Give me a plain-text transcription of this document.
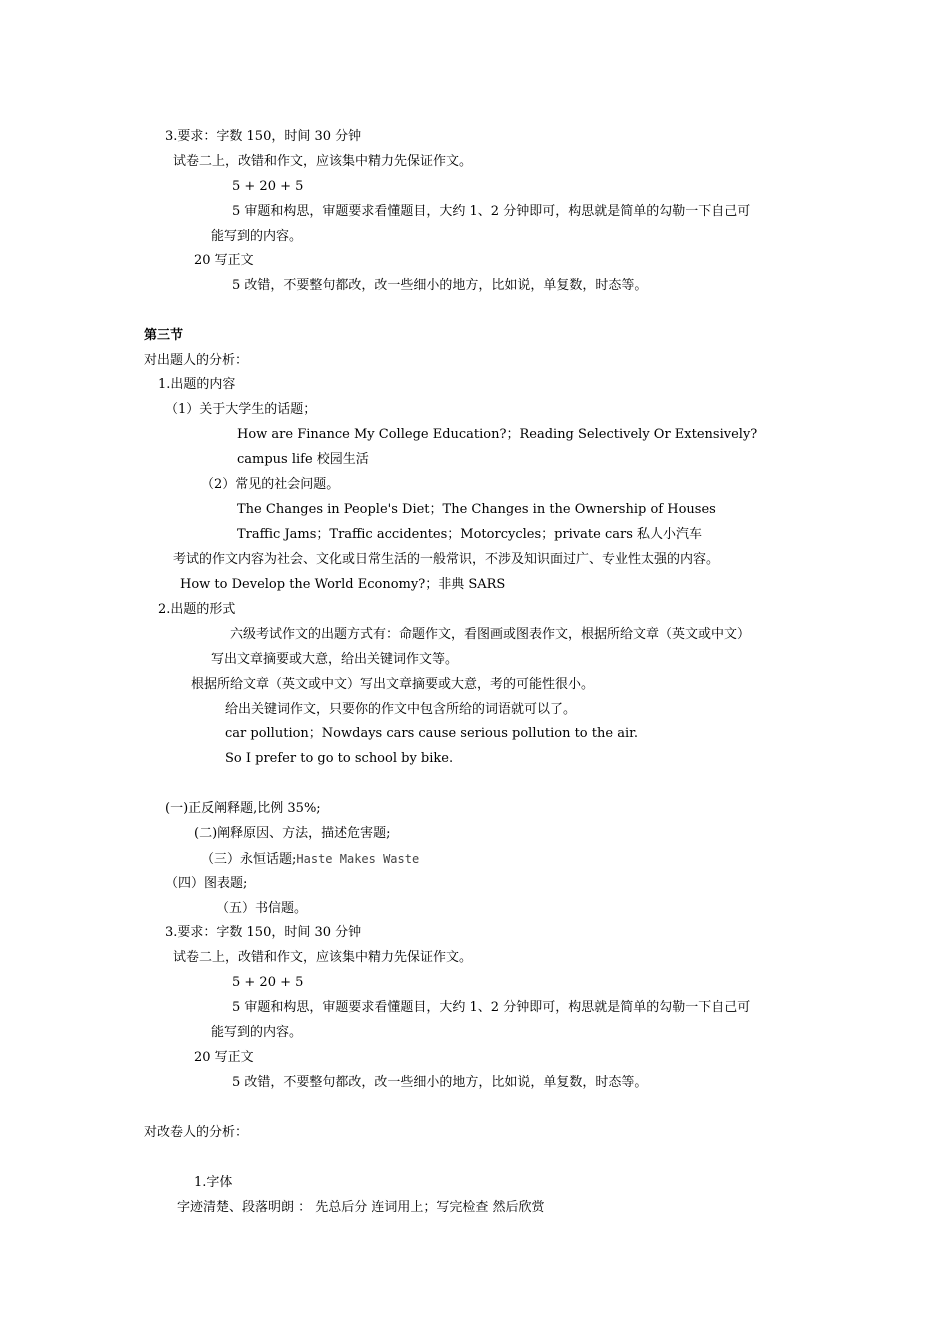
3.要求：字数 150，时间 30 分钟
试卷二上，改错和作文，应该集中精力先保证作文。
5 + 20 + 5
5 审题和构思，审题要求看懂题目，大约 1、2 分钟即可，构思就是简单的勾勒一下自己可
能写到的内容。
20 写正文
5 改错，不要整句都改，改一些细小的地方，比如说，单复数，时态等。
第三节
对出题人的分析：
1.出题的内容
（1）关于大学生的话题；
How are Finance My College Education?；Reading Selectively Or Extensively?
campus life 校园生活
（2）常见的社会问题。
The Changes in People's Diet；The Changes in the Ownership of Houses
Traffic Jams；Traffic accidentes；Motorcycles；private cars 私人小汽车
考试的作文内容为社会、文化或日常生活的一般常识，不涉及知识面过广、专业性太强的内容。
How to Develop the World Economy?；非典 SARS
2.出题的形式
六级考试作文的出题方式有：命题作文，看图画或图表作文，根据所给文章（英文或中文）
写出文章摘要或大意，给出关键词作文等。
根据所给文章（英文或中文）写出文章摘要或大意，考的可能性很小。
给出关键词作文，只要你的作文中包含所给的词语就可以了。
car pollution；Nowdays cars cause serious pollution to the air.
So I prefer to go to school by bike.
(一)正反阐释题,比例 35%;
(二)阐释原因、方法，描述危害题;
（三）永恒话题;Haste Makes Waste
（四）图表题;
（五）书信题。
3.要求：字数 150，时间 30 分钟
试卷二上，改错和作文，应该集中精力先保证作文。
5 + 20 + 5
5 审题和构思，审题要求看懂题目，大约 1、2 分钟即可，构思就是简单的勾勒一下自己可
能写到的内容。
20 写正文
5 改错，不要整句都改，改一些细小的地方，比如说，单复数，时态等。
对改卷人的分析：
1.字体
字迹清楚、段落明朗 ： 先总后分 连词用上；写完检查 然后欣赏
